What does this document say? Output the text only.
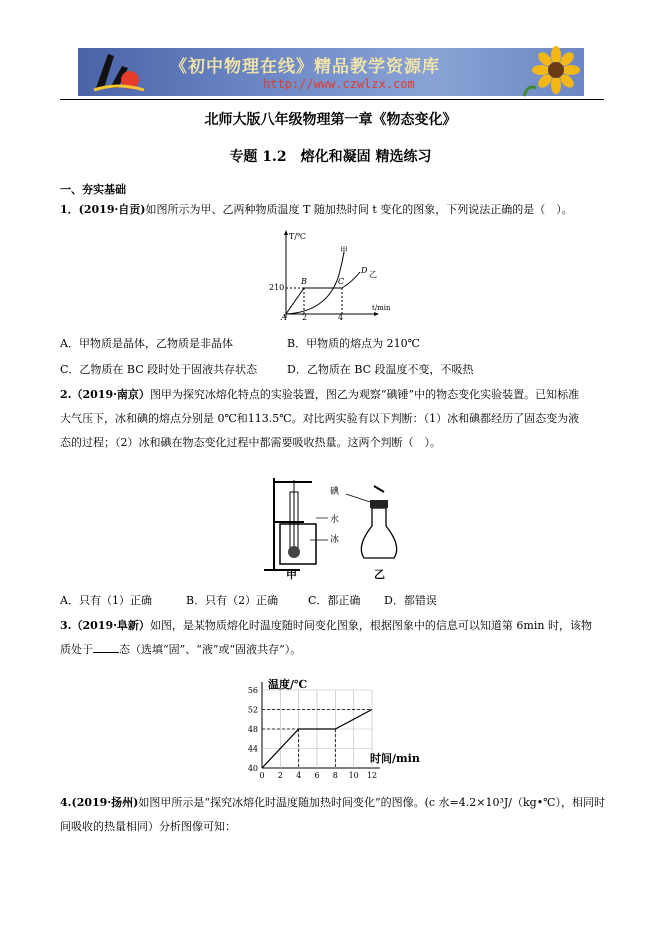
《初中物理在线》精品教学资源库
http://www.czwlzx.com
北师大版八年级物理第一章《物态变化》
专题 1.2　熔化和凝固 精选练习
一、夯实基础
1．(2019·自贡)如图所示为甲、乙两种物质温度 T 随加热时间 t 变化的图象，下列说法正确的是（　）。
T/℃
t/min
210
A 2	4
B	C
D
甲
乙
A．甲物质是晶体，乙物质是非晶体	B．甲物质的熔点为 210℃
C．乙物质在 BC 段时处于固液共存状态	D．乙物质在 BC 段温度不变，不吸热
2.（2019·南京）图甲为探究冰熔化特点的实验装置，图乙为观察“碘锤”中的物态变化实验装置。已知标准
大气压下，冰和碘的熔点分别是 0℃和113.5℃。对比两实验有以下判断：（1）冰和碘都经历了固态变为液
态的过程；（2）冰和碘在物态变化过程中都需要吸收热量。这两个判断（　）。
甲
碘
水
冰
乙
A．只有（1）正确	B．只有（2）正确	C．都正确 D．都错误
3.（2019·阜新）如图，是某物质熔化时温度随时间变化图象，根据图象中的信息可以知道第 6min 时，该物
质处于 态（选填“固”、“液”或“固液共存”）。
40
44
48
52
56
0 2 4 6 8 10 12
温度/℃
时间/min
4.(2019·扬州)如图甲所示是“探究冰熔化时温度随加热时间变化”的图像。(c 水=4.2×10³J/（kg•℃），相同时
间吸收的热量相同）分析图像可知：
